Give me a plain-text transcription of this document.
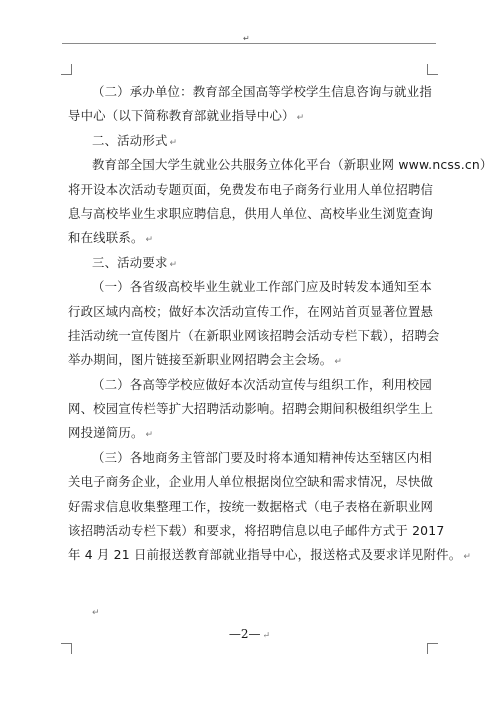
↵
（二）承办单位：教育部全国高等学校学生信息咨询与就业指
导中心（以下简称教育部就业指导中心） ↵
二、活动形式 ↵
教育部全国大学生就业公共服务立体化平台（新职业网 www.ncss.cn）
将开设本次活动专题页面，免费发布电子商务行业用人单位招聘信
息与高校毕业生求职应聘信息，供用人单位、高校毕业生浏览查询
和在线联系。 ↵
三、活动要求 ↵
（一）各省级高校毕业生就业工作部门应及时转发本通知至本
行政区域内高校；做好本次活动宣传工作，在网站首页显著位置悬
挂活动统一宣传图片（在新职业网该招聘会活动专栏下载），招聘会
举办期间，图片链接至新职业网招聘会主会场。 ↵
（二）各高等学校应做好本次活动宣传与组织工作，利用校园
网、校园宣传栏等扩大招聘活动影响。招聘会期间积极组织学生上
网投递简历。 ↵
（三）各地商务主管部门要及时将本通知精神传达至辖区内相
关电子商务企业，企业用人单位根据岗位空缺和需求情况，尽快做
好需求信息收集整理工作，按统一数据格式（电子表格在新职业网
该招聘活动专栏下载）和要求，将招聘信息以电子邮件方式于 2017
年 4 月 21 日前报送教育部就业指导中心，报送格式及要求详见附件。 ↵
↵
—2— ↵
